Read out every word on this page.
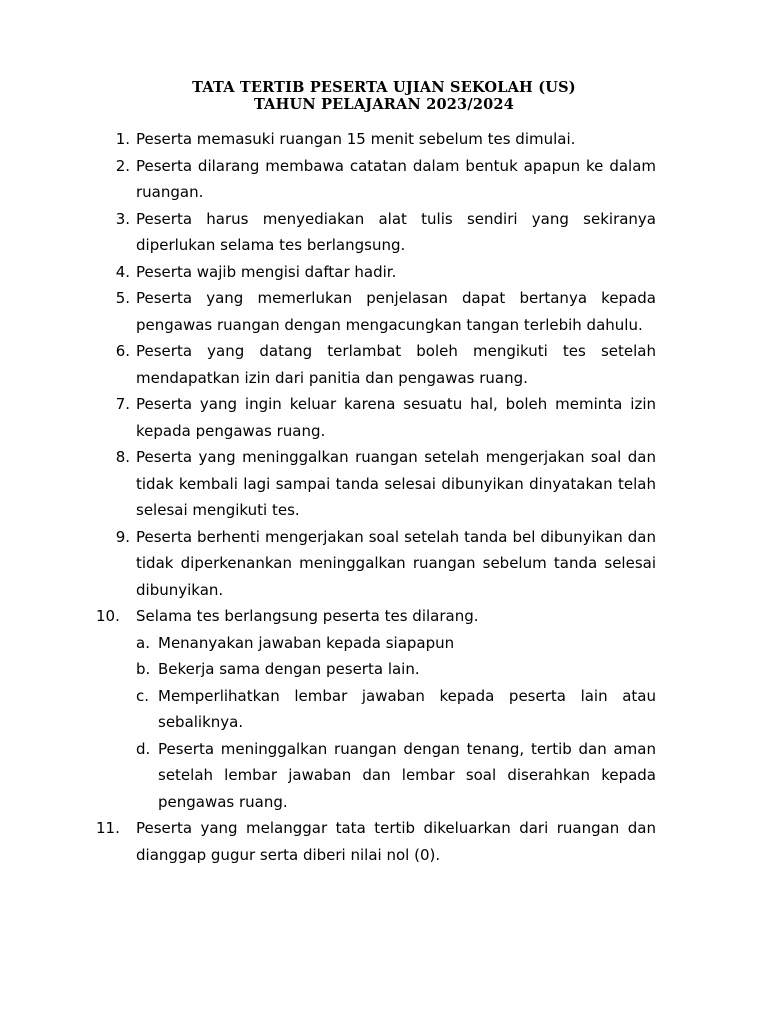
TATA TERTIB PESERTA UJIAN SEKOLAH (US)
TAHUN PELAJARAN 2023/2024
1. Peserta memasuki ruangan 15 menit sebelum tes dimulai.
2. Peserta dilarang membawa catatan dalam bentuk apapun ke dalam ruangan.
3. Peserta harus menyediakan alat tulis sendiri yang sekiranya diperlukan selama tes berlangsung.
4. Peserta wajib mengisi daftar hadir.
5. Peserta yang memerlukan penjelasan dapat bertanya kepada pengawas ruangan dengan mengacungkan tangan terlebih dahulu.
6. Peserta yang datang terlambat boleh mengikuti tes setelah mendapatkan izin dari panitia dan pengawas ruang.
7. Peserta yang ingin keluar karena sesuatu hal, boleh meminta izin kepada pengawas ruang.
8. Peserta yang meninggalkan ruangan setelah mengerjakan soal dan tidak kembali lagi sampai tanda selesai dibunyikan dinyatakan telah selesai mengikuti tes.
9. Peserta berhenti mengerjakan soal setelah tanda bel dibunyikan dan tidak diperkenankan meninggalkan ruangan sebelum tanda selesai dibunyikan.
10.	Selama tes berlangsung peserta tes dilarang.
a. Menanyakan jawaban kepada siapapun
b. Bekerja sama dengan peserta lain.
c. Memperlihatkan lembar jawaban kepada peserta lain atau sebaliknya.
d. Peserta meninggalkan ruangan dengan tenang, tertib dan aman setelah lembar jawaban dan lembar soal diserahkan kepada pengawas ruang.
11.	Peserta yang melanggar tata tertib dikeluarkan dari ruangan dan dianggap gugur serta diberi nilai nol (0).
